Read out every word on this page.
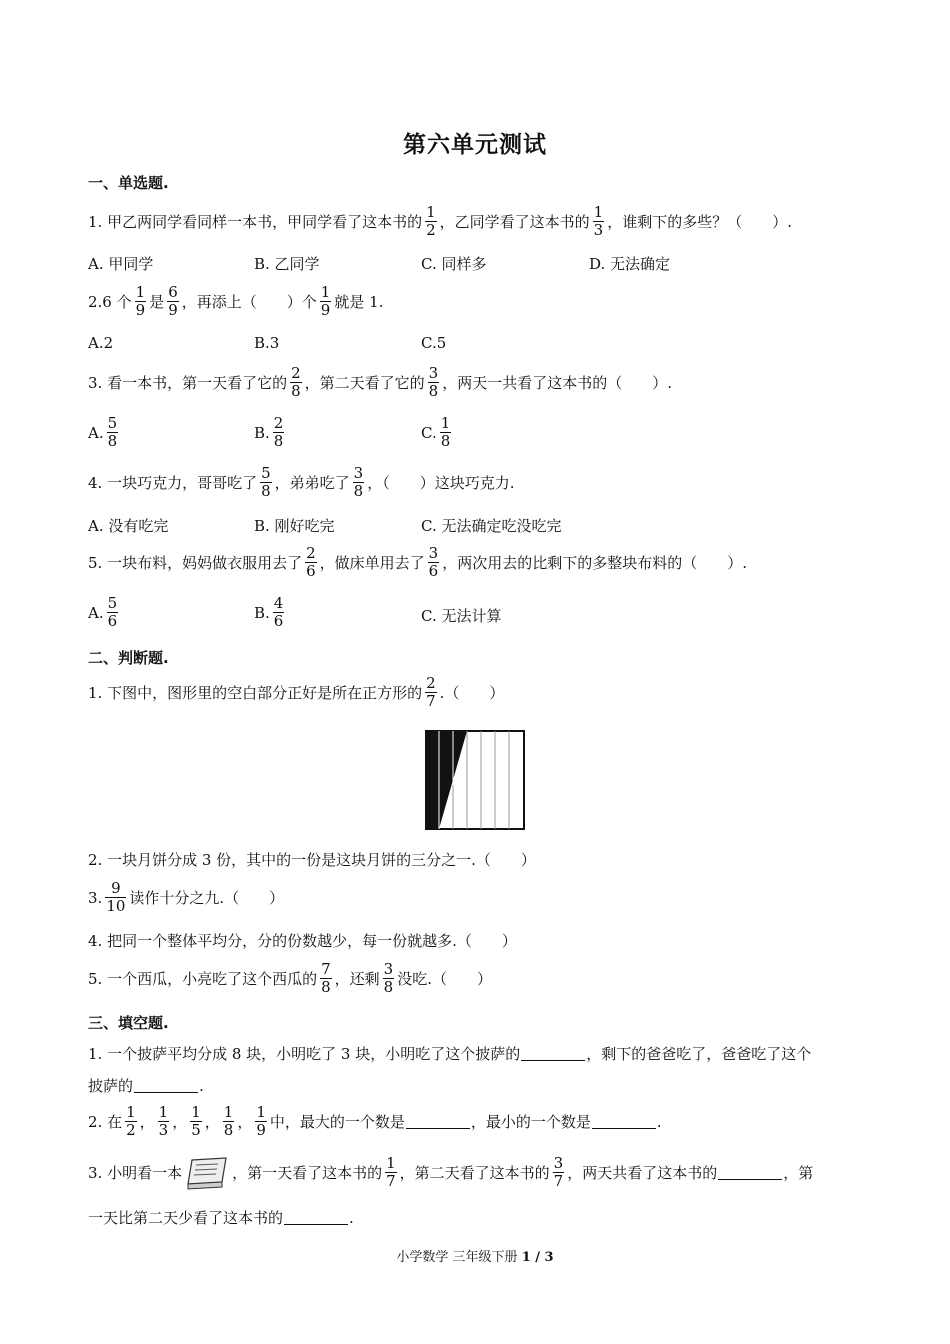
第六单元测试
一、单选题.
1. 甲乙两同学看同样一本书，甲同学看了这本书的 $\frac{1}{2}$ ，乙同学看了这本书的 $\frac{1}{3}$ ，谁剩下的多些？（　　）.
A. 甲同学	B. 乙同学	C. 同样多	D. 无法确定
2.6 个 $\frac{1}{9}$ 是 $\frac{6}{9}$ ，再添上（　　）个 $\frac{1}{9}$ 就是 1.
A.2	B.3	C.5
3. 看一本书，第一天看了它的 $\frac{2}{8}$ ，第二天看了它的 $\frac{3}{8}$ ，两天一共看了这本书的（　　）.
A. $\frac{5}{8}$	B. $\frac{2}{8}$	C. $\frac{1}{8}$
4. 一块巧克力，哥哥吃了 $\frac{5}{8}$ ，弟弟吃了 $\frac{3}{8}$ ，（　　）这块巧克力.
A. 没有吃完	B. 刚好吃完	C. 无法确定吃没吃完
5. 一块布料，妈妈做衣服用去了 $\frac{2}{6}$ ，做床单用去了 $\frac{3}{6}$ ，两次用去的比剩下的多整块布料的（　　）.
A. $\frac{5}{6}$	B. $\frac{4}{6}$	C. 无法计算
二、判断题.
1. 下图中，图形里的空白部分正好是所在正方形的 $\frac{2}{7}$ .（　　）
2. 一块月饼分成 3 份，其中的一份是这块月饼的三分之一.（　　）
3. $\frac{9}{10}$ 读作十分之九.（　　）
4. 把同一个整体平均分，分的份数越少，每一份就越多.（　　）
5. 一个西瓜，小亮吃了这个西瓜的 $\frac{7}{8}$ ，还剩 $\frac{3}{8}$ 没吃.（　　）
三、填空题.
1. 一个披萨平均分成 8 块，小明吃了 3 块，小明吃了这个披萨的	，剩下的爸爸吃了，爸爸吃了这个
披萨的	.
2. 在 $\frac{1}{2}$ ， $\frac{1}{3}$ ， $\frac{1}{5}$ ， $\frac{1}{8}$ ， $\frac{1}{9}$ 中，最大的一个数是	，最小的一个数是	.
3. 小明看一本	，第一天看了这本书的 $\frac{1}{7}$ ，第二天看了这本书的 $\frac{3}{7}$ ，两天共看了这本书的	，第
一天比第二天少看了这本书的	.
小学数学 三年级下册 1 / 3
